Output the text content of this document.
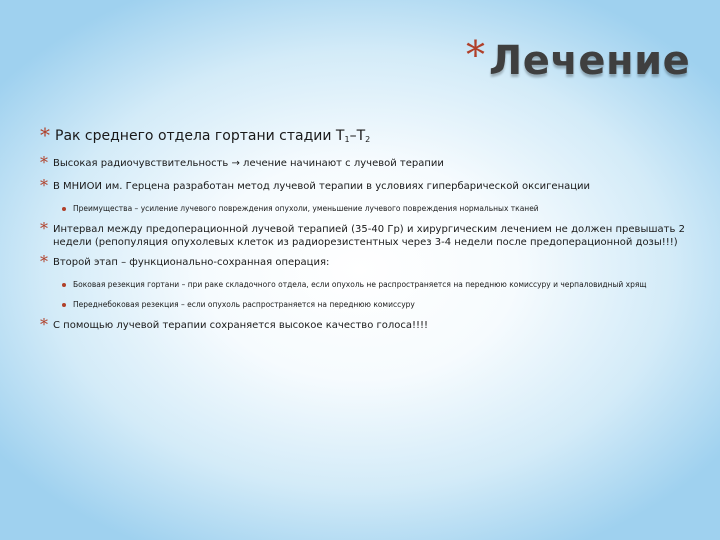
* Лечение
* Рак среднего отдела гортани стадии $Т_1-Т_2$
* Высокая радиочувствительность → лечение начинают с лучевой терапии
* В МНИОИ им. Герцена разработан метод лучевой терапии в условиях гипербарической оксигенации
Преимущества – усиление лучевого повреждения опухоли, уменьшение лучевого повреждения нормальных тканей
* Интервал между предоперационной лучевой терапией (35-40 Гр) и хирургическим лечением не должен превышать 2 недели (репопуляция опухолевых клеток из радиорезистентных через 3-4 недели после предоперационной дозы!!!)
* Второй этап – функционально-сохранная операция:
Боковая резекция гортани – при раке складочного отдела, если опухоль не распространяется на переднюю комиссуру и черпаловидный хрящ
Переднебоковая резекция – если опухоль распространяется на переднюю комиссуру
* С помощью лучевой терапии сохраняется высокое качество голоса!!!!
